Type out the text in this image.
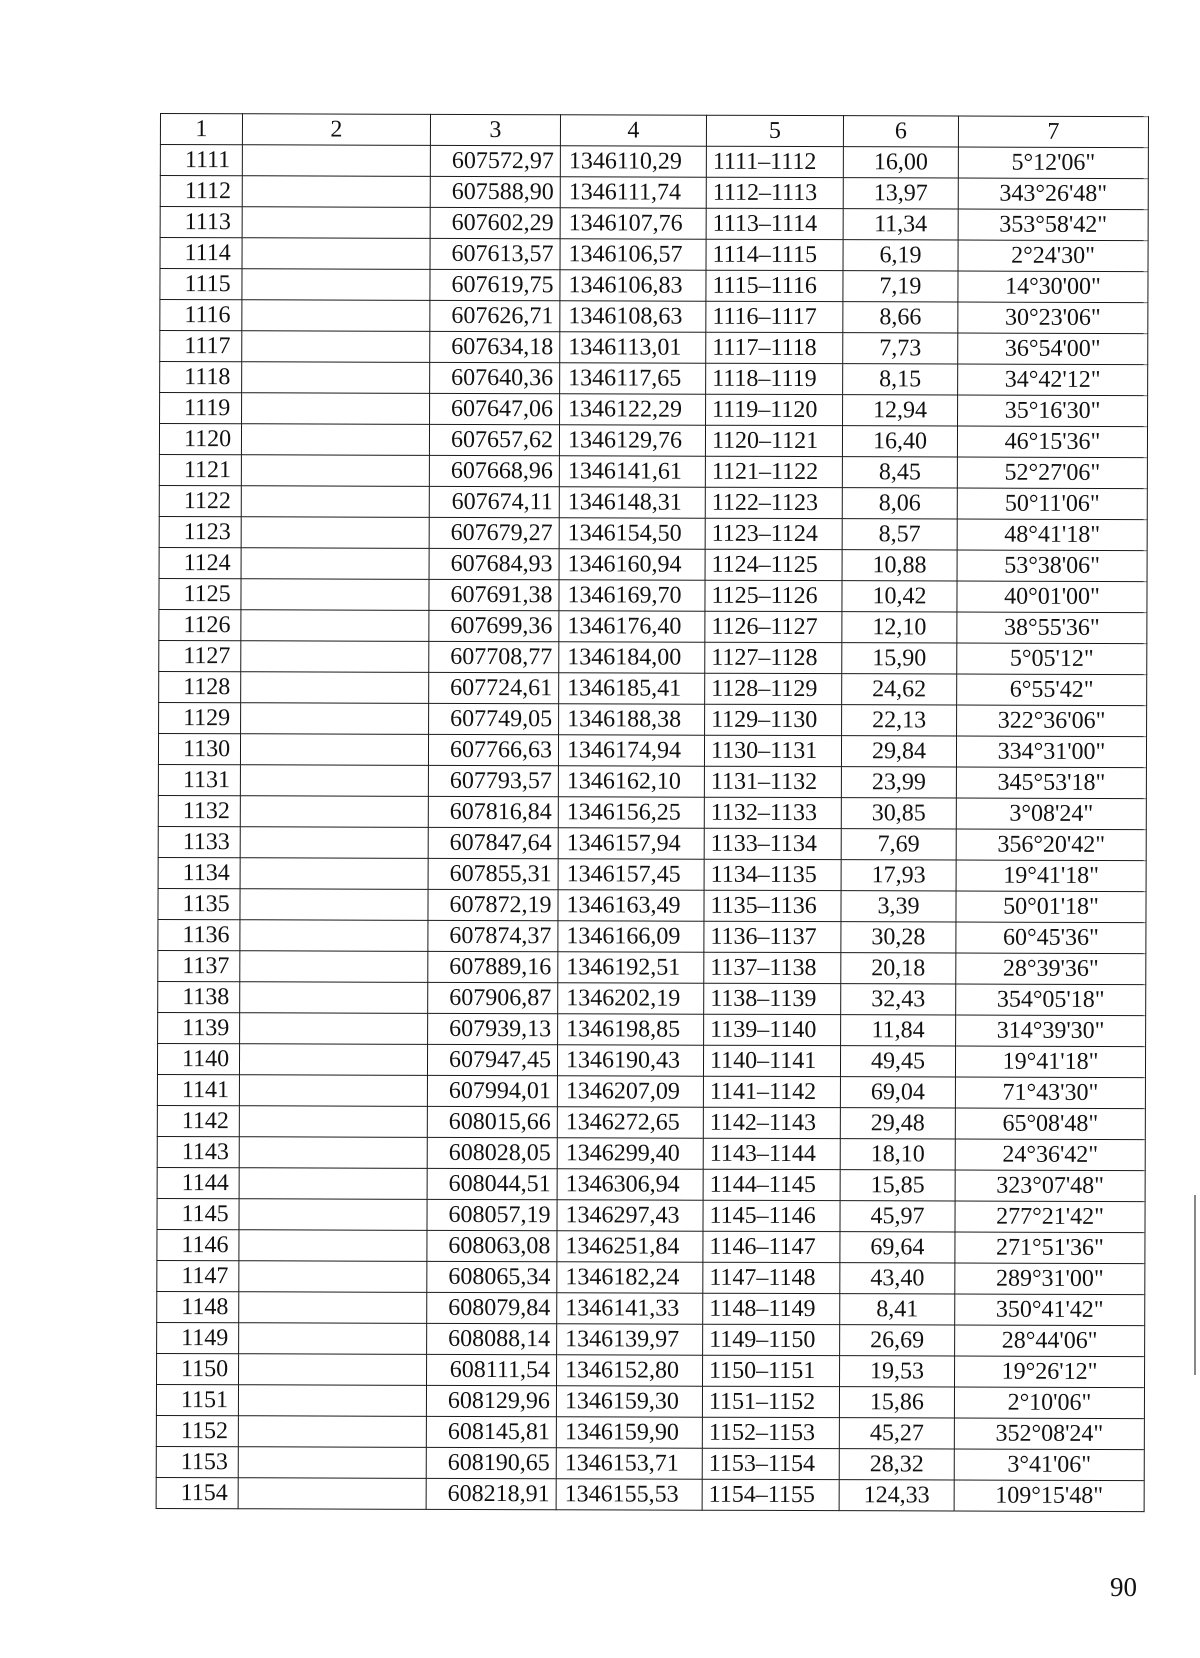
1	2	3	4	5	6	7
1111		607572,97	1346110,29	1111–1112	16,00	5°12'06"
1112		607588,90	1346111,74	1112–1113	13,97	343°26'48"
1113		607602,29	1346107,76	1113–1114	11,34	353°58'42"
1114		607613,57	1346106,57	1114–1115	6,19	2°24'30"
1115		607619,75	1346106,83	1115–1116	7,19	14°30'00"
1116		607626,71	1346108,63	1116–1117	8,66	30°23'06"
1117		607634,18	1346113,01	1117–1118	7,73	36°54'00"
1118		607640,36	1346117,65	1118–1119	8,15	34°42'12"
1119		607647,06	1346122,29	1119–1120	12,94	35°16'30"
1120		607657,62	1346129,76	1120–1121	16,40	46°15'36"
1121		607668,96	1346141,61	1121–1122	8,45	52°27'06"
1122		607674,11	1346148,31	1122–1123	8,06	50°11'06"
1123		607679,27	1346154,50	1123–1124	8,57	48°41'18"
1124		607684,93	1346160,94	1124–1125	10,88	53°38'06"
1125		607691,38	1346169,70	1125–1126	10,42	40°01'00"
1126		607699,36	1346176,40	1126–1127	12,10	38°55'36"
1127		607708,77	1346184,00	1127–1128	15,90	5°05'12"
1128		607724,61	1346185,41	1128–1129	24,62	6°55'42"
1129		607749,05	1346188,38	1129–1130	22,13	322°36'06"
1130		607766,63	1346174,94	1130–1131	29,84	334°31'00"
1131		607793,57	1346162,10	1131–1132	23,99	345°53'18"
1132		607816,84	1346156,25	1132–1133	30,85	3°08'24"
1133		607847,64	1346157,94	1133–1134	7,69	356°20'42"
1134		607855,31	1346157,45	1134–1135	17,93	19°41'18"
1135		607872,19	1346163,49	1135–1136	3,39	50°01'18"
1136		607874,37	1346166,09	1136–1137	30,28	60°45'36"
1137		607889,16	1346192,51	1137–1138	20,18	28°39'36"
1138		607906,87	1346202,19	1138–1139	32,43	354°05'18"
1139		607939,13	1346198,85	1139–1140	11,84	314°39'30"
1140		607947,45	1346190,43	1140–1141	49,45	19°41'18"
1141		607994,01	1346207,09	1141–1142	69,04	71°43'30"
1142		608015,66	1346272,65	1142–1143	29,48	65°08'48"
1143		608028,05	1346299,40	1143–1144	18,10	24°36'42"
1144		608044,51	1346306,94	1144–1145	15,85	323°07'48"
1145		608057,19	1346297,43	1145–1146	45,97	277°21'42"
1146		608063,08	1346251,84	1146–1147	69,64	271°51'36"
1147		608065,34	1346182,24	1147–1148	43,40	289°31'00"
1148		608079,84	1346141,33	1148–1149	8,41	350°41'42"
1149		608088,14	1346139,97	1149–1150	26,69	28°44'06"
1150		608111,54	1346152,80	1150–1151	19,53	19°26'12"
1151		608129,96	1346159,30	1151–1152	15,86	2°10'06"
1152		608145,81	1346159,90	1152–1153	45,27	352°08'24"
1153		608190,65	1346153,71	1153–1154	28,32	3°41'06"
1154		608218,91	1346155,53	1154–1155	124,33	109°15'48"
90
